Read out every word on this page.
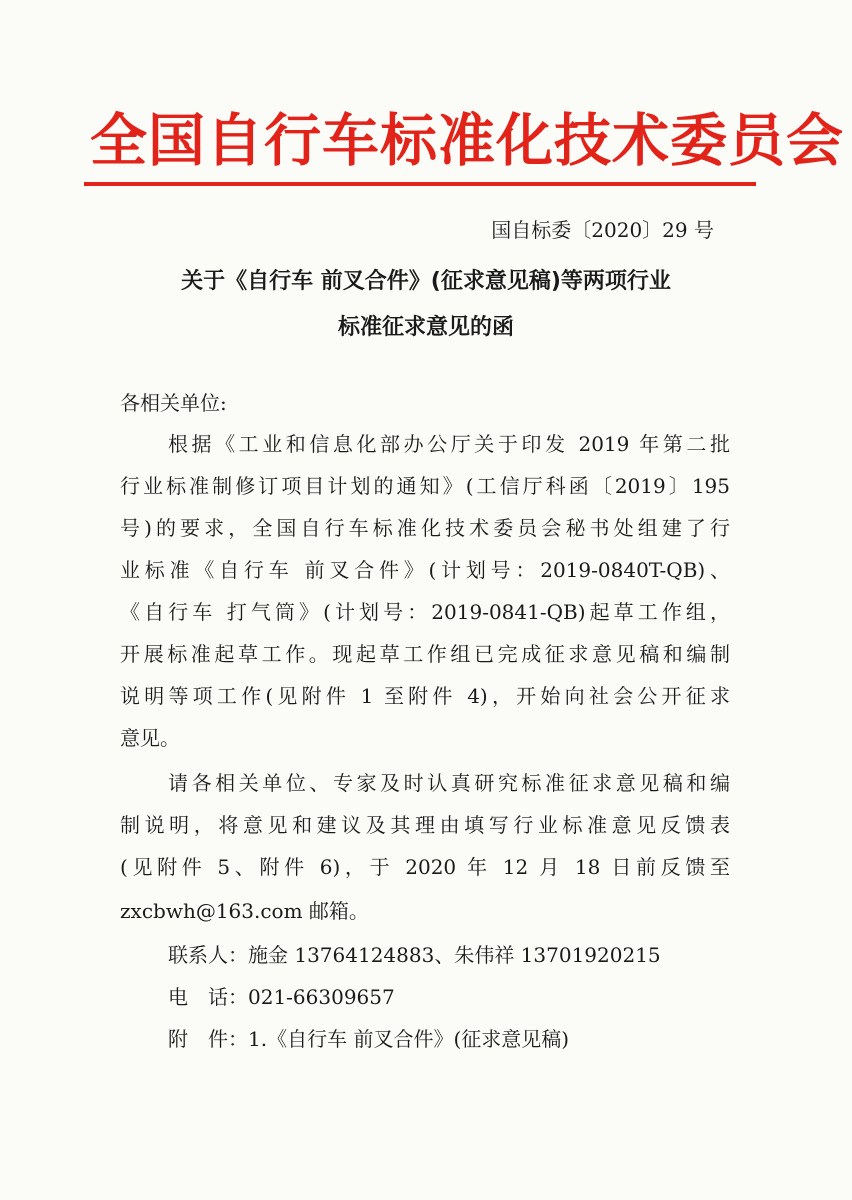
全国自行车标准化技术委员会
国自标委〔2020〕29 号
关于《自行车 前叉合件》(征求意见稿)等两项行业
标准征求意见的函
各相关单位:
根据《工业和信息化部办公厅关于印发 2019 年第二批
行业标准制修订项目计划的通知》(工信厅科函〔2019〕195
号)的要求，全国自行车标准化技术委员会秘书处组建了行
业标准《自行车 前叉合件》(计划号：2019-0840T-QB)、
《自行车 打气筒》(计划号：2019-0841-QB)起草工作组，
开展标准起草工作。现起草工作组已完成征求意见稿和编制
说明等项工作(见附件 1 至附件 4)，开始向社会公开征求
意见。
请各相关单位、专家及时认真研究标准征求意见稿和编
制说明，将意见和建议及其理由填写行业标准意见反馈表
(见附件 5、附件 6)，于 2020 年 12 月 18 日前反馈至
zxcbwh@163.com 邮箱。
联系人：施金 13764124883、朱伟祥 13701920215
电　话：021-66309657
附　件：1.《自行车 前叉合件》(征求意见稿)
